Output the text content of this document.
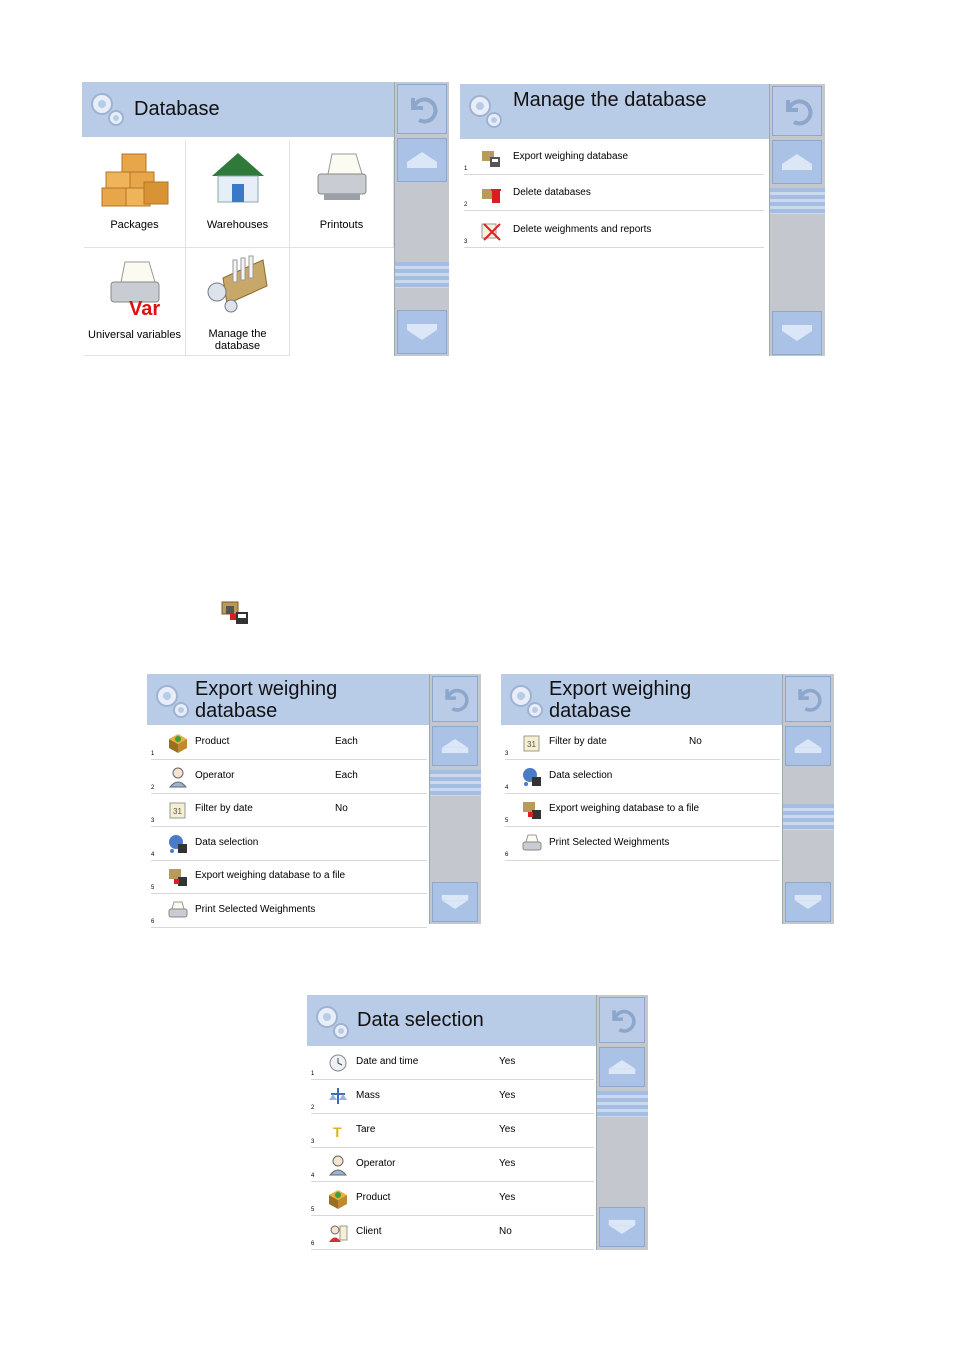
Database
Packages	Warehouses	Printouts
Var
Universal variables	Manage the
database
Manage the database
1
Export weighing database
2
Delete databases
3
Delete weighments and reports
Export weighing
database
1
Product	Each
2
Operator	Each
3
31 Filter by date	No
4
Data selection
5
Export weighing database to a file
6
Print Selected Weighments
Export weighing
database
3
31 Filter by date	No
4
Data selection
5
Export weighing database to a file
6
Print Selected Weighments
Data selection
1
Date and time	Yes
2
Mass	Yes
3
T Tare	Yes
4
Operator	Yes
5
Product	Yes
6
Client	No
